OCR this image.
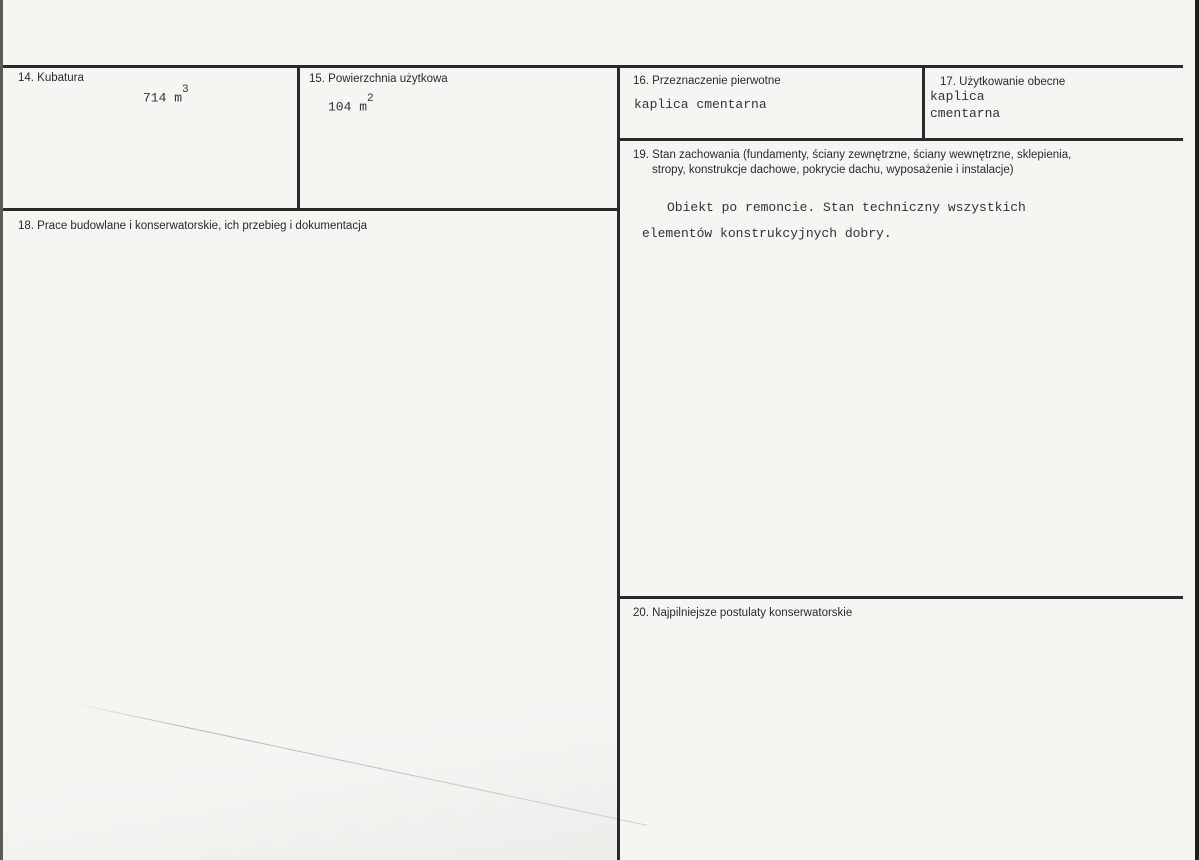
14. Kubatura
714 $m^3$
15. Powierzchnia użytkowa
104 $m^2$
16. Przeznaczenie pierwotne
kaplica cmentarna
17. Użytkowanie obecne
kaplica
cmentarna
18. Prace budowlane i konserwatorskie, ich przebieg i dokumentacja
19. Stan zachowania (fundamenty, ściany zewnętrzne, ściany wewnętrzne, sklepienia,
stropy, konstrukcje dachowe, pokrycie dachu, wyposażenie i instalacje)
Obiekt po remoncie. Stan techniczny wszystkich
elementów konstrukcyjnych dobry.
20. Najpilniejsze postulaty konserwatorskie
